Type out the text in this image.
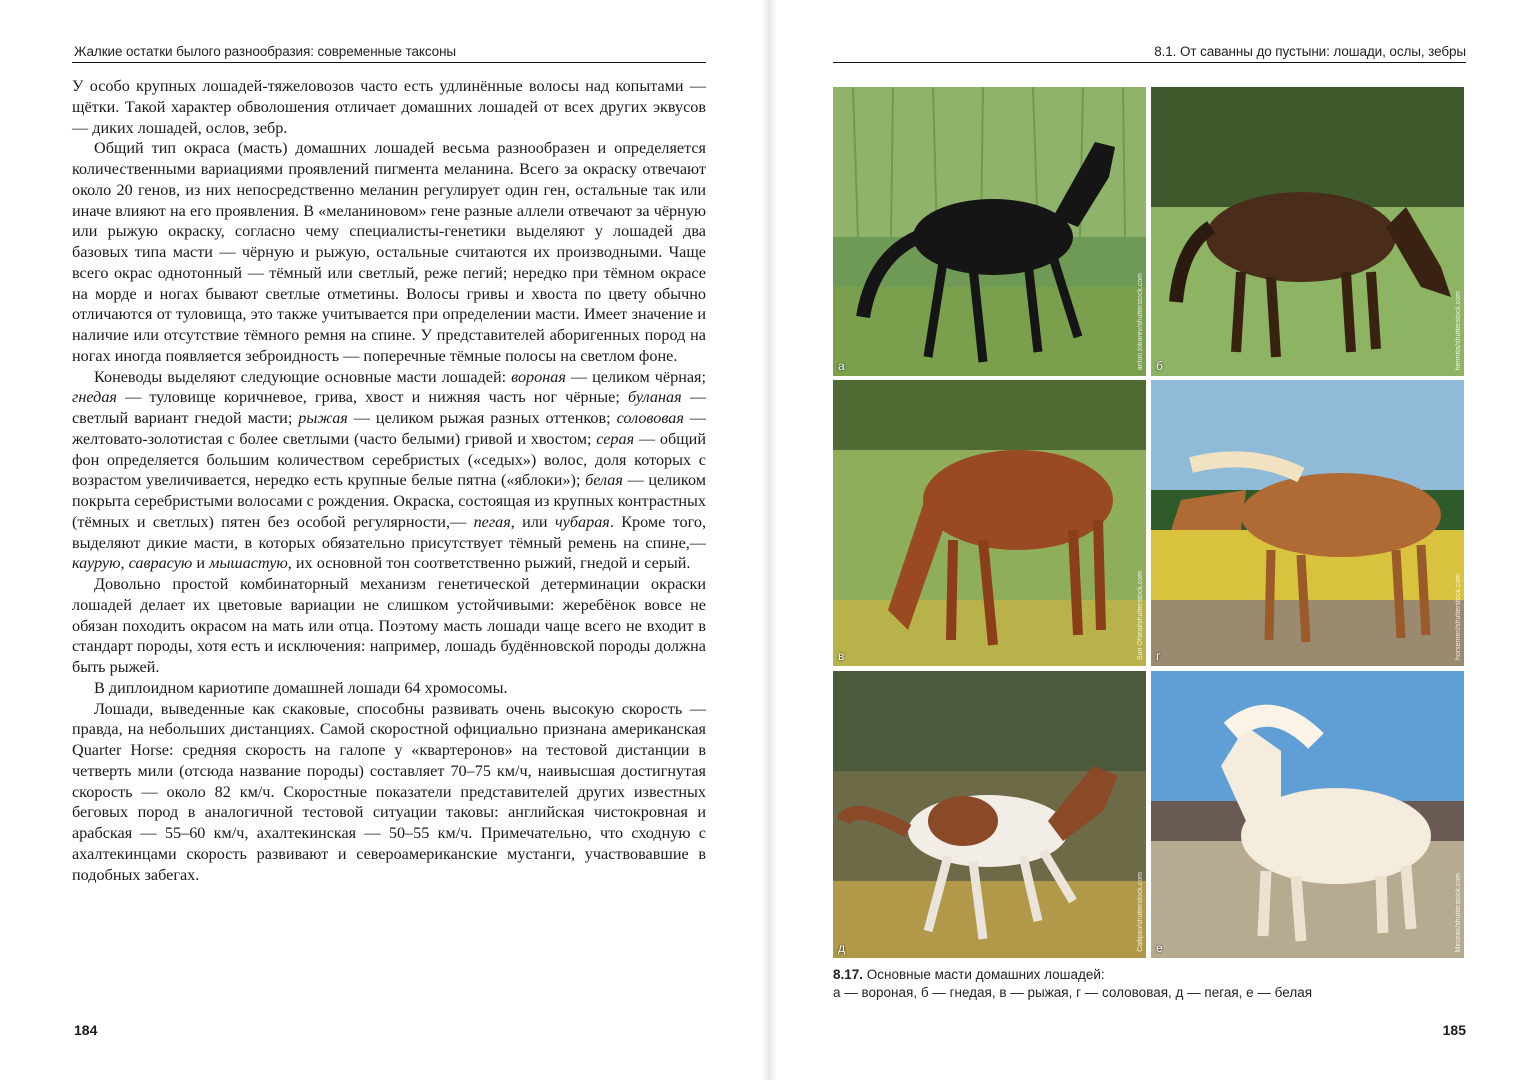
Жалкие остатки былого разнообразия: современные таксоны

У особо крупных лошадей-тяжеловозов часто есть удлинённые волосы над копытами — щётки. Такой характер обволошения отличает домашних лошадей от всех других эквусов — диких лошадей, ослов, зебр.

Общий тип окраса (масть) домашних лошадей весьма разнообразен и определяется количественными вариациями проявлений пигмента меланина. Всего за окраску отвечают около 20 генов, из них непосредственно меланин регулирует один ген, остальные так или иначе влияют на его проявления. В «меланиновом» гене разные аллели отвечают за чёрную или рыжую окраску, согласно чему специалисты-генетики выделяют у лошадей два базовых типа масти — чёрную и рыжую, остальные считаются их производными. Чаще всего окрас однотонный — тёмный или светлый, реже пегий; нередко при тёмном окрасе на морде и ногах бывают светлые отметины. Волосы гривы и хвоста по цвету обычно отличаются от туловища, это также учитывается при определении масти. Имеет значение и наличие или отсутствие тёмного ремня на спине. У представителей аборигенных пород на ногах иногда появляется зеброидность — поперечные тёмные полосы на светлом фоне.

Коневоды выделяют следующие основные масти лошадей: вороная — целиком чёрная; гнедая — туловище коричневое, грива, хвост и нижняя часть ног чёрные; буланая — светлый вариант гнедой масти; рыжая — целиком рыжая разных оттенков; солововая — желтовато-золотистая с более светлыми (часто белыми) гривой и хвостом; серая — общий фон определяется большим количеством серебристых («седых») волос, доля которых с возрастом увеличивается, нередко есть крупные белые пятна («яблоки»); белая — целиком покрыта серебристыми волосами с рождения. Окраска, состоящая из крупных контрастных (тёмных и светлых) пятен без особой регулярности,— пегая, или чубарая. Кроме того, выделяют дикие масти, в которых обязательно присутствует тёмный ремень на спине,— каурую, саврасую и мышастую, их основной тон соответственно рыжий, гнедой и серый.

Довольно простой комбинаторный механизм генетической детерминации окраски лошадей делает их цветовые вариации не слишком устойчивыми: жеребёнок вовсе не обязан походить окрасом на мать или отца. Поэтому масть лошади чаще всего не входит в стандарт породы, хотя есть и исключения: например, лошадь будённовской породы должна быть рыжей.

В диплоидном кариотипе домашней лошади 64 хромосомы.

Лошади, выведенные как скаковые, способны развивать очень высокую скорость — правда, на небольших дистанциях. Самой скоростной официально признана американская Quarter Horse: средняя скорость на галопе у «квартеронов» на тестовой дистанции в четверть мили (отсюда название породы) составляет 70–75 км/ч, наивысшая достигнутая скорость — около 82 км/ч. Скоростные показатели представителей других известных беговых пород в аналогичной тестовой ситуации таковы: английская чистокровная и арабская — 55–60 км/ч, ахалтекинская — 50–55 км/ч. Примечательно, что сходную с ахалтекинцами скорость развивают и североамериканские мустанги, участвовавшие в подобных забегах.

184
8.1. От саванны до пустыни: лошади, ослы, зебры
а	anton.tokarev/shutterstock.com б	hermitis/shutterstock.com
в	Sari ONeal/shutterstock.com г	horsemen/shutterstock.com
д	Callipso/shutterstock.com е	Mirceax/shutterstock.com
8.17. Основные масти домашних лошадей:
а — вороная, б — гнедая, в — рыжая, г — солововая, д — пегая, е — белая
185
